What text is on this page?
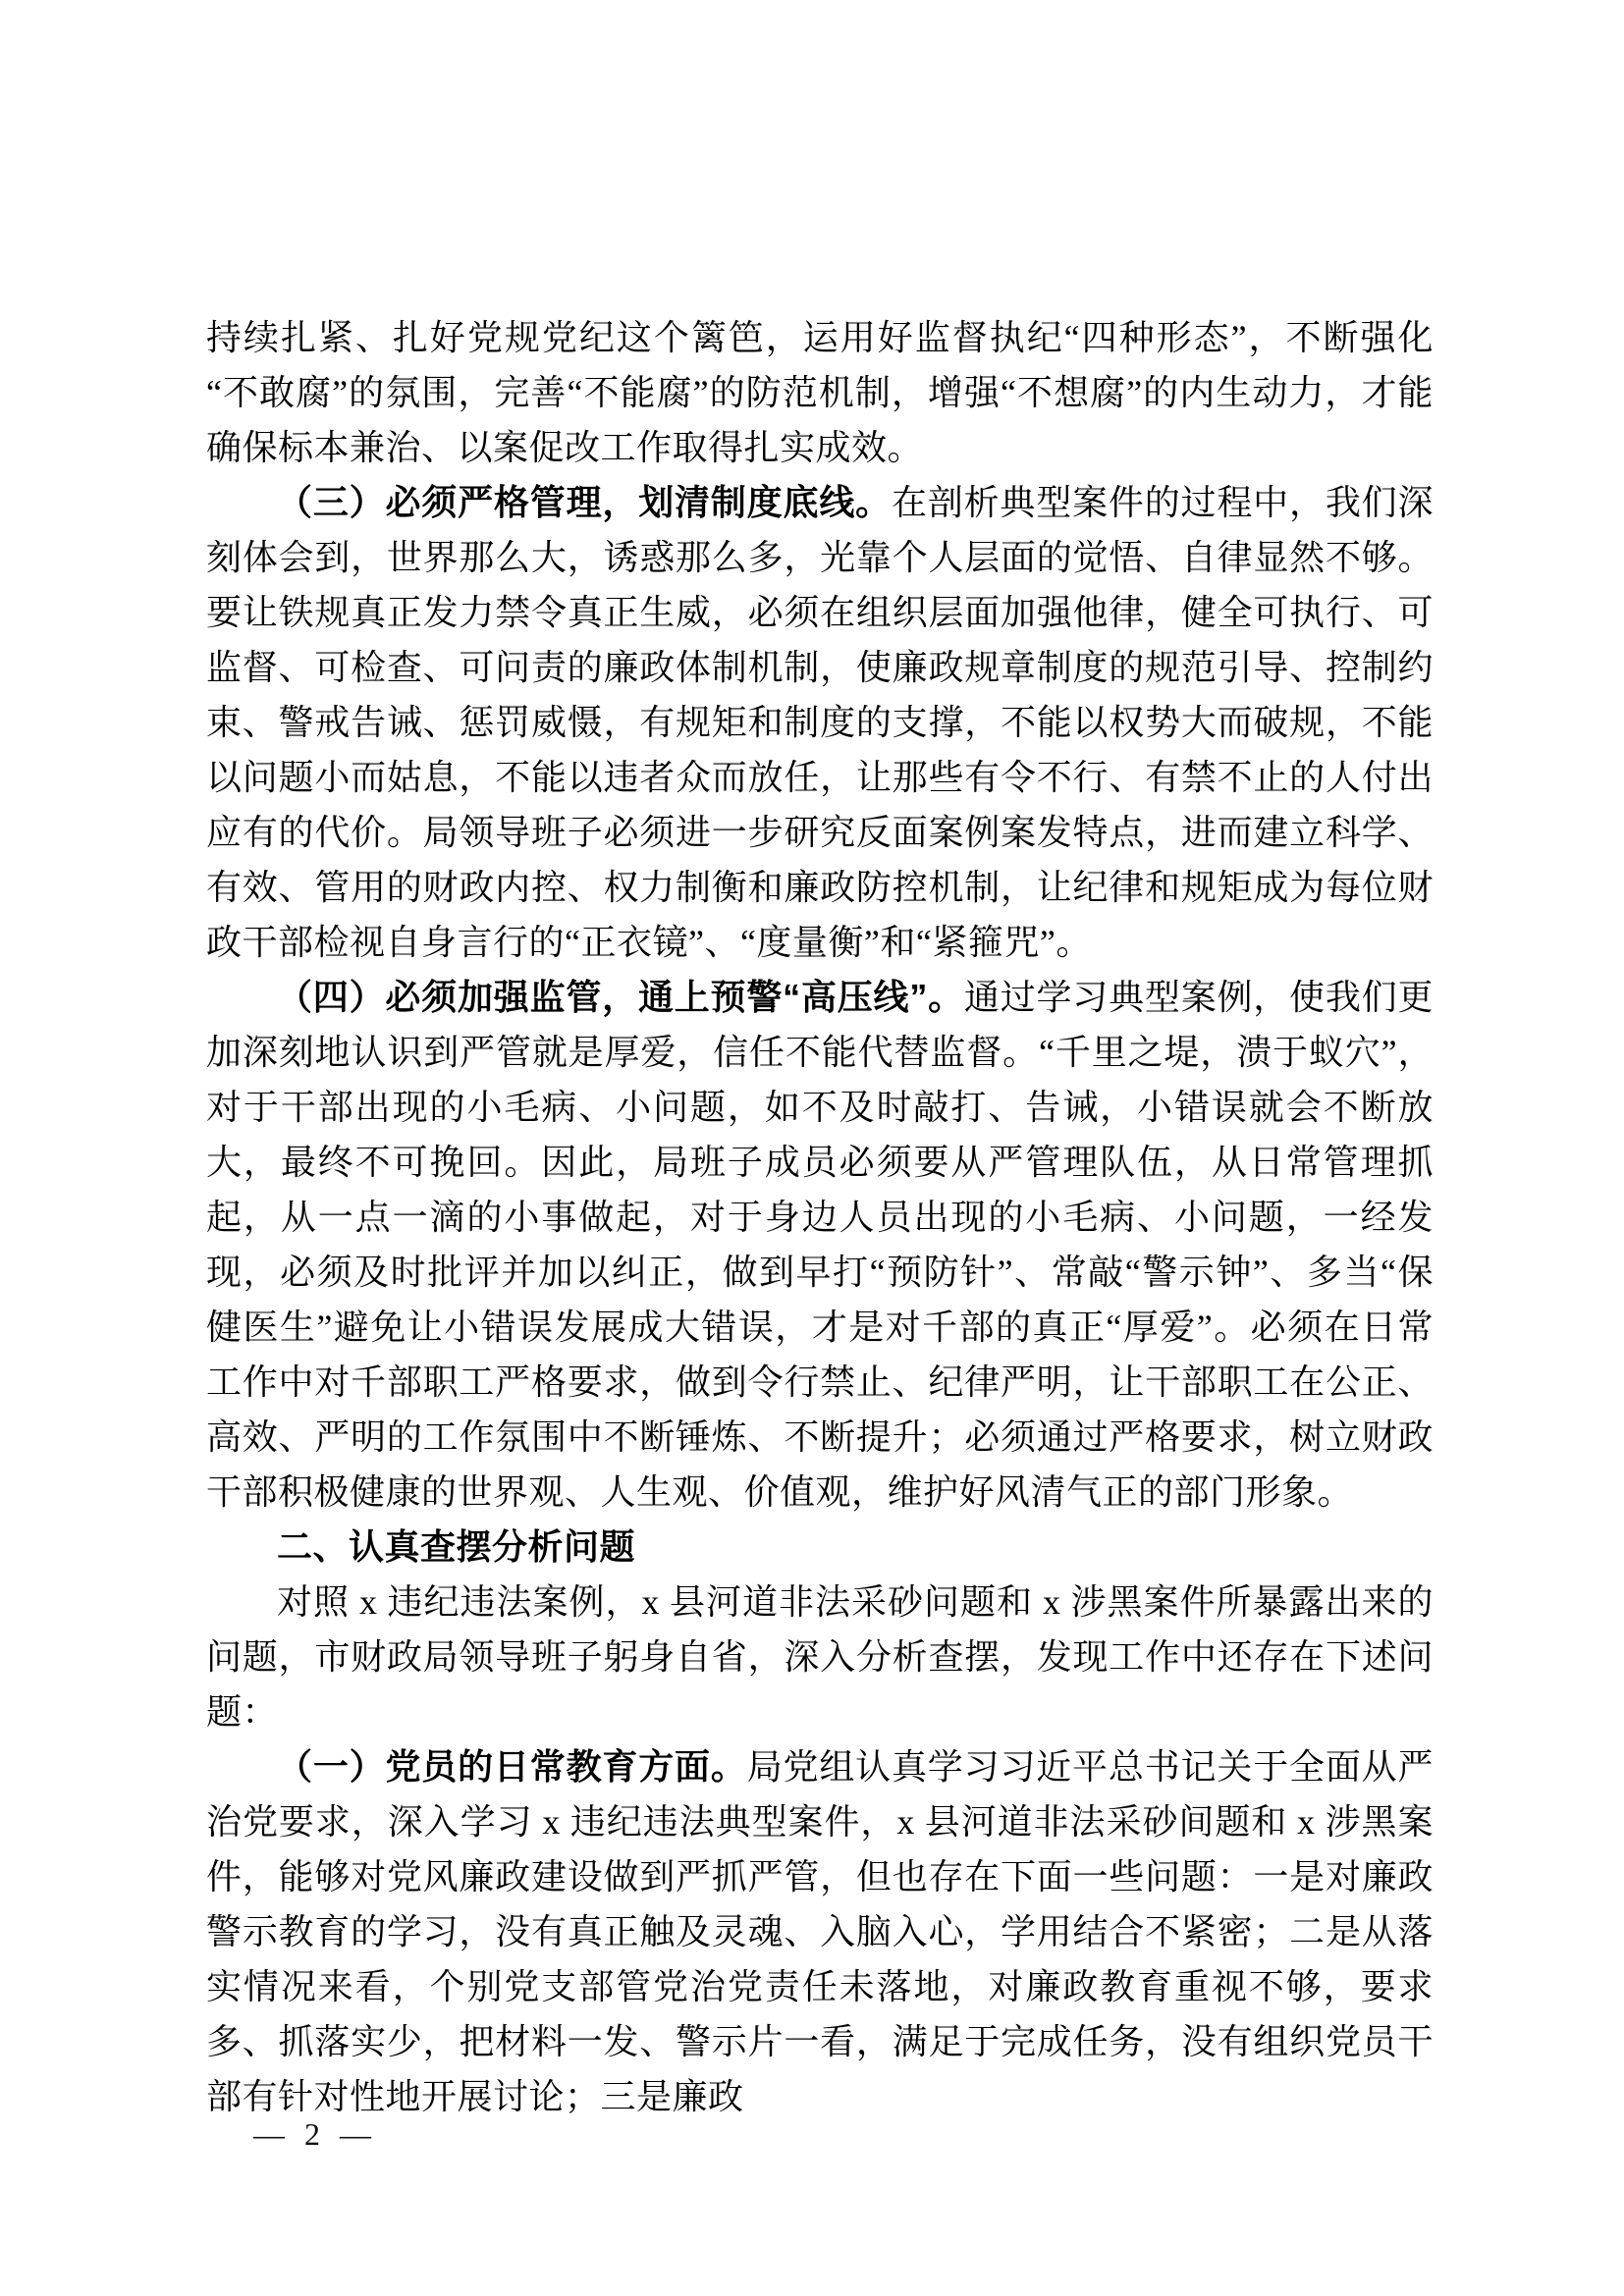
持续扎紧、扎好党规党纪这个篱笆，运用好监督执纪“四种形态”，不断强化“不敢腐”的氛围，完善“不能腐”的防范机制，增强“不想腐”的内生动力，才能确保标本兼治、以案促改工作取得扎实成效。

（三）必须严格管理，划清制度底线。在剖析典型案件的过程中，我们深刻体会到，世界那么大，诱惑那么多，光靠个人层面的觉悟、自律显然不够。要让铁规真正发力禁令真正生威，必须在组织层面加强他律，健全可执行、可监督、可检查、可问责的廉政体制机制，使廉政规章制度的规范引导、控制约束、警戒告诫、惩罚威慑，有规矩和制度的支撑，不能以权势大而破规，不能以问题小而姑息，不能以违者众而放任，让那些有令不行、有禁不止的人付出应有的代价。局领导班子必须进一步研究反面案例案发特点，进而建立科学、有效、管用的财政内控、权力制衡和廉政防控机制，让纪律和规矩成为每位财政干部检视自身言行的“正衣镜”、“度量衡”和“紧箍咒”。

（四）必须加强监管，通上预警“高压线”。通过学习典型案例，使我们更加深刻地认识到严管就是厚爱，信任不能代替监督。“千里之堤，溃于蚁穴”，对于干部出现的小毛病、小问题，如不及时敲打、告诫，小错误就会不断放大，最终不可挽回。因此，局班子成员必须要从严管理队伍，从日常管理抓起，从一点一滴的小事做起，对于身边人员出现的小毛病、小问题，一经发现，必须及时批评并加以纠正，做到早打“预防针”、常敲“警示钟”、多当“保健医生”避免让小错误发展成大错误，才是对千部的真正“厚爱”。必须在日常工作中对千部职工严格要求，做到令行禁止、纪律严明，让干部职工在公正、高效、严明的工作氛围中不断锤炼、不断提升；必须通过严格要求，树立财政干部积极健康的世界观、人生观、价值观，维护好风清气正的部门形象。

二、认真查摆分析问题

对照 x 违纪违法案例，x 县河道非法采砂问题和 x 涉黑案件所暴露出来的问题，市财政局领导班子躬身自省，深入分析查摆，发现工作中还存在下述问题：

（一）党员的日常教育方面。局党组认真学习习近平总书记关于全面从严治党要求，深入学习 x 违纪违法典型案件，x 县河道非法采砂间题和 x 涉黑案件，能够对党风廉政建设做到严抓严管，但也存在下面一些问题：一是对廉政警示教育的学习，没有真正触及灵魂、入脑入心，学用结合不紧密；二是从落实情况来看，个别党支部管党治党责任未落地，对廉政教育重视不够，要求多、抓落实少，把材料一发、警示片一看，满足于完成任务，没有组织党员干部有针对性地开展讨论；三是廉政

— 2 —
